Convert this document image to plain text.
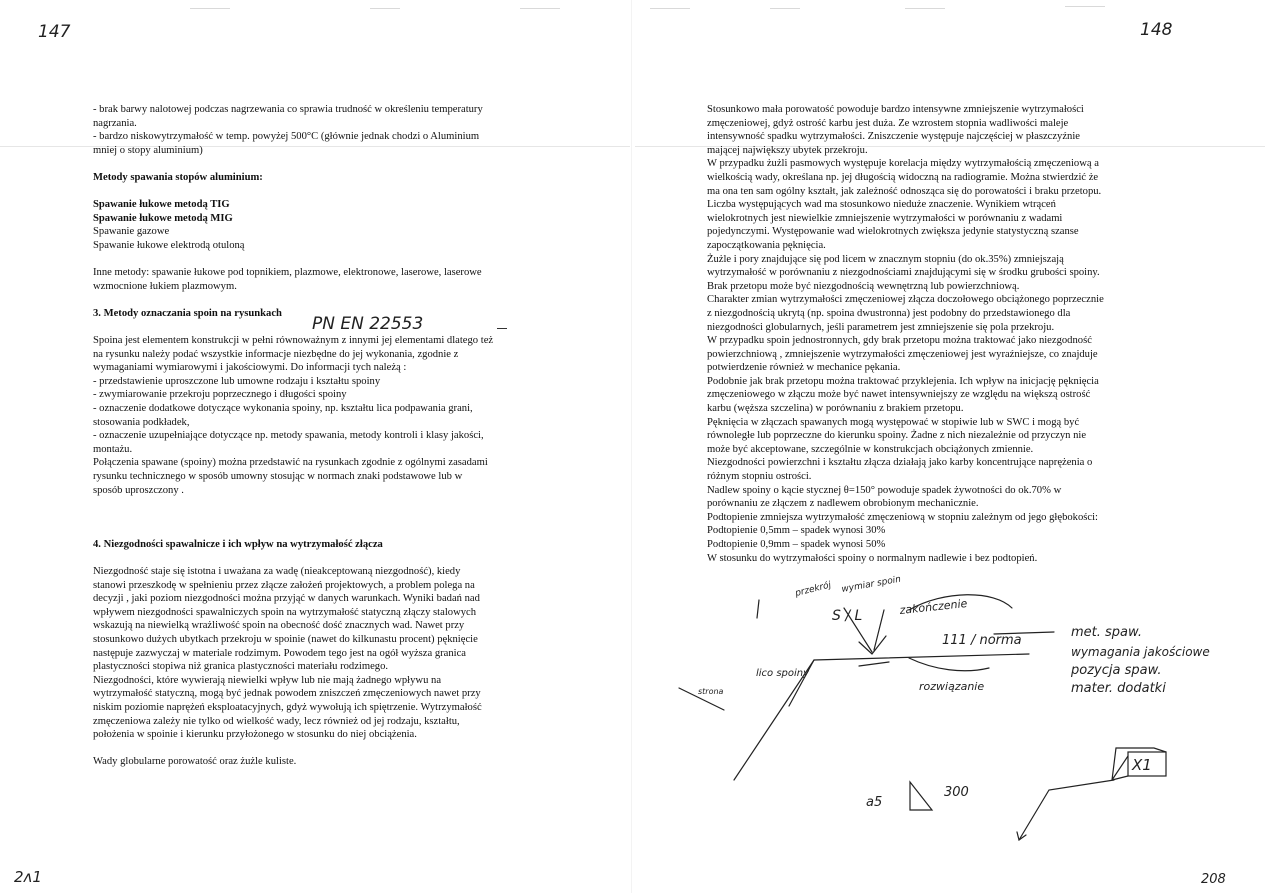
147

- brak barwy nalotowej podczas nagrzewania co sprawia trudność w określeniu temperatury

nagrzania.

- bardzo niskowytrzymałość w temp. powyżej 500°C (głównie jednak chodzi o Aluminium

mniej o stopy aluminium)

Metody spawania stopów aluminium:

Spawanie łukowe metodą TIG

Spawanie łukowe metodą MIG

Spawanie gazowe

Spawanie łukowe elektrodą otuloną

Inne metody: spawanie łukowe pod topnikiem, plazmowe, elektronowe, laserowe, laserowe

wzmocnione łukiem plazmowym.

3. Metody oznaczania spoin na rysunkach

Spoina jest elementem konstrukcji w pełni równoważnym z innymi jej elementami dlatego też

na rysunku należy podać wszystkie informacje niezbędne do jej wykonania, zgodnie z

wymaganiami wymiarowymi i jakościowymi. Do informacji tych należą :

- przedstawienie uproszczone lub umowne rodzaju i kształtu spoiny

- zwymiarowanie przekroju poprzecznego i długości spoiny

- oznaczenie dodatkowe dotyczące wykonania spoiny, np. kształtu lica podpawania grani,

stosowania podkładek,

- oznaczenie uzupełniające dotyczące np. metody spawania, metody kontroli i klasy jakości,

montażu.

Połączenia spawane (spoiny) można przedstawić na rysunkach zgodnie z ogólnymi zasadami

rysunku technicznego w sposób umowny stosując w normach znaki podstawowe lub w

sposób uproszczony .

4. Niezgodności spawalnicze i ich wpływ na wytrzymałość złącza

Niezgodność staje się istotna i uważana za wadę (nieakceptowaną niezgodność), kiedy

stanowi przeszkodę w spełnieniu przez złącze założeń projektowych, a problem polega na

decyzji , jaki poziom niezgodności można przyjąć w danych warunkach. Wyniki badań nad

wpływem niezgodności spawalniczych spoin na wytrzymałość statyczną złączy stalowych

wskazują na niewielką wrażliwość spoin na obecność dość znacznych wad. Nawet przy

stosunkowo dużych ubytkach przekroju w spoinie (nawet do kilkunastu procent) pęknięcie

następuje zazwyczaj w materiale rodzimym. Powodem tego jest na ogół wyższa granica

plastyczności stopiwa niż granica plastyczności materiału rodzimego.

Niezgodności, które wywierają niewielki wpływ lub nie mają żadnego wpływu na

wytrzymałość statyczną, mogą być jednak powodem zniszczeń zmęczeniowych nawet przy

niskim poziomie naprężeń eksploatacyjnych, gdyż wywołują ich spiętrzenie. Wytrzymałość

zmęczeniowa zależy nie tylko od wielkość wady, lecz również od jej rodzaju, kształtu,

położenia w spoinie i kierunku przyłożonego w stosunku do niej obciążenia.

Wady globularne porowatość oraz żużle kuliste.

PN EN 22553
2ᴧ1
148

Stosunkowo mała porowatość powoduje bardzo intensywne zmniejszenie wytrzymałości

zmęczeniowej, gdyż ostrość karbu jest duża. Ze wzrostem stopnia wadliwości maleje

intensywność spadku wytrzymałości. Zniszczenie występuje najczęściej w płaszczyźnie

mającej największy ubytek przekroju.

W przypadku żużli pasmowych występuje korelacja między wytrzymałością zmęczeniową a

wielkością wady, określana np. jej długością widoczną na radiogramie. Można stwierdzić że

ma ona ten sam ogólny kształt, jak zależność odnosząca się do porowatości i braku przetopu.

Liczba występujących wad ma stosunkowo nieduże znaczenie. Wynikiem wtrąceń

wielokrotnych jest niewielkie zmniejszenie wytrzymałości w porównaniu z wadami

pojedynczymi. Występowanie wad wielokrotnych zwiększa jedynie statystyczną szanse

zapoczątkowania pęknięcia.

Żużle i pory znajdujące się pod licem w znacznym stopniu (do ok.35%) zmniejszają

wytrzymałość w porównaniu z niezgodnościami znajdującymi się w środku grubości spoiny.

Brak przetopu może być niezgodnością wewnętrzną lub powierzchniową.

Charakter zmian wytrzymałości zmęczeniowej złącza doczołowego obciążonego poprzecznie

z niezgodnością ukrytą (np. spoina dwustronna) jest podobny do przedstawionego dla

niezgodności globularnych, jeśli parametrem jest zmniejszenie się pola przekroju.

W przypadku spoin jednostronnych, gdy brak przetopu można traktować jako niezgodność

powierzchniową , zmniejszenie wytrzymałości zmęczeniowej jest wyraźniejsze, co znajduje

potwierdzenie również w mechanice pękania.

Podobnie jak brak przetopu można traktować przyklejenia. Ich wpływ na inicjację pęknięcia

zmęczeniowego w złączu może być nawet intensywniejszy ze względu na większą ostrość

karbu (węższa szczelina) w porównaniu z brakiem przetopu.

Pęknięcia w złączach spawanych mogą występować w stopiwie lub w SWC i mogą być

równoległe lub poprzeczne do kierunku spoiny. Żadne z nich niezależnie od przyczyn nie

może być akceptowane, szczególnie w konstrukcjach obciążonych zmiennie.

Niezgodności powierzchni i kształtu złącza działają jako karby koncentrujące naprężenia o

różnym stopniu ostrości.

Nadlew spoiny o kącie stycznej θ=150° powoduje spadek żywotności do ok.70% w

porównaniu ze złączem z nadlewem obrobionym mechanicznie.

Podtopienie zmniejsza wytrzymałość zmęczeniową w stopniu zależnym od jego głębokości:

Podtopienie 0,5mm – spadek wynosi 30%

Podtopienie 0,9mm – spadek wynosi 50%

W stosunku do wytrzymałości spoiny o normalnym nadlewie i bez podtopień.

przekrój wymiar spoin
S / L	zakończenie
111 / norma
lico spoiny
strona	rozwiązanie
a5
300
X1
met. spaw.
wymagania jakościowe
pozycja spaw.
mater. dodatki
208
